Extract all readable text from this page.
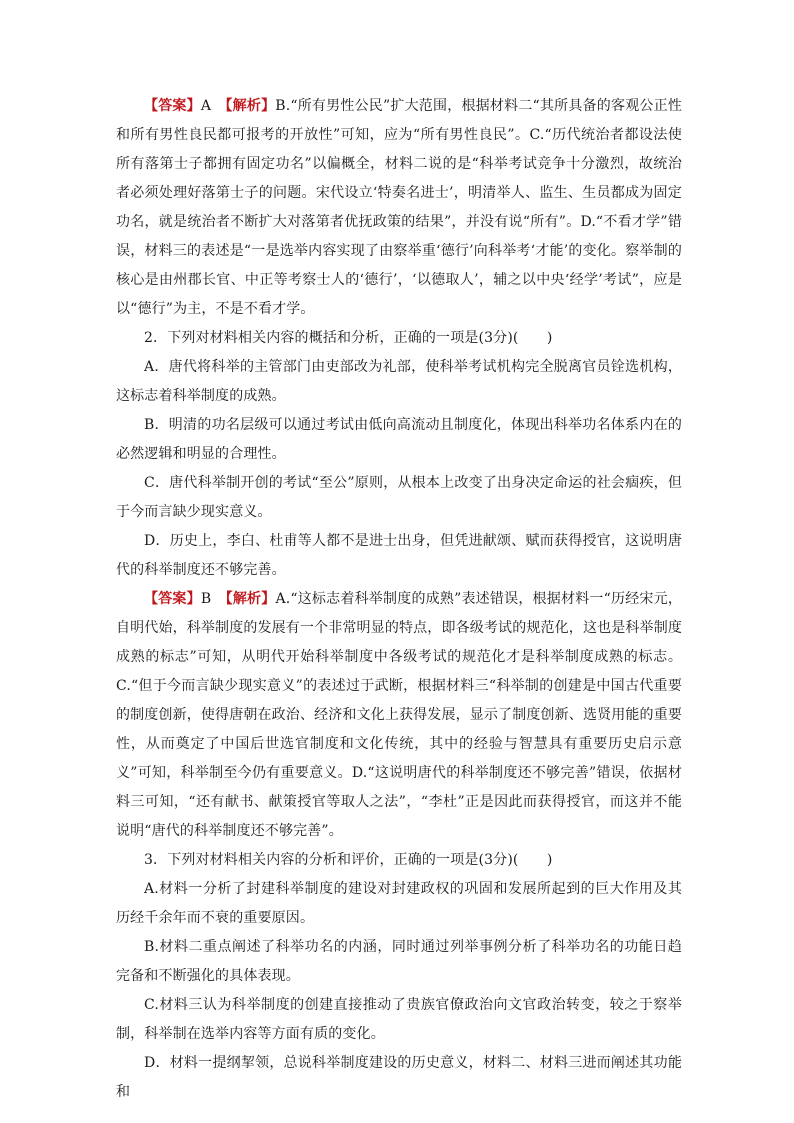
【答案】A　【解析】B.“所有男性公民”扩大范围，根据材料二“其所具备的客观公正性和所有男性良民都可报考的开放性”可知，应为“所有男性良民”。C.“历代统治者都设法使所有落第士子都拥有固定功名”以偏概全，材料二说的是“科举考试竞争十分激烈，故统治者必须处理好落第士子的问题。宋代设立‘特奏名进士’，明清举人、监生、生员都成为固定功名，就是统治者不断扩大对落第者优抚政策的结果”，并没有说“所有”。D.“不看才学”错误，材料三的表述是“一是选举内容实现了由察举重‘德行’向科举考‘才能’的变化。察举制的核心是由州郡长官、中正等考察士人的‘德行’，‘以德取人’，辅之以中央‘经学’考试”，应是以“德行”为主，不是不看才学。

2．下列对材料相关内容的概括和分析，正确的一项是(3分)(　　)

A．唐代将科举的主管部门由吏部改为礼部，使科举考试机构完全脱离官员铨选机构，这标志着科举制度的成熟。

B．明清的功名层级可以通过考试由低向高流动且制度化，体现出科举功名体系内在的必然逻辑和明显的合理性。

C．唐代科举制开创的考试“至公”原则，从根本上改变了出身决定命运的社会痼疾，但于今而言缺少现实意义。

D．历史上，李白、杜甫等人都不是进士出身，但凭进献颂、赋而获得授官，这说明唐代的科举制度还不够完善。

【答案】B　【解析】A.“这标志着科举制度的成熟”表述错误，根据材料一“历经宋元，自明代始，科举制度的发展有一个非常明显的特点，即各级考试的规范化，这也是科举制度成熟的标志”可知，从明代开始科举制度中各级考试的规范化才是科举制度成熟的标志。C.“但于今而言缺少现实意义”的表述过于武断，根据材料三“科举制的创建是中国古代重要的制度创新，使得唐朝在政治、经济和文化上获得发展，显示了制度创新、选贤用能的重要性，从而奠定了中国后世选官制度和文化传统，其中的经验与智慧具有重要历史启示意义”可知，科举制至今仍有重要意义。D.“这说明唐代的科举制度还不够完善”错误，依据材料三可知，“还有献书、献策授官等取人之法”，“李杜”正是因此而获得授官，而这并不能说明“唐代的科举制度还不够完善”。

3．下列对材料相关内容的分析和评价，正确的一项是(3分)(　　)

A.材料一分析了封建科举制度的建设对封建政权的巩固和发展所起到的巨大作用及其历经千余年而不衰的重要原因。

B.材料二重点阐述了科举功名的内涵，同时通过列举事例分析了科举功名的功能日趋完备和不断强化的具体表现。

C.材料三认为科举制度的创建直接推动了贵族官僚政治向文官政治转变，较之于察举制，科举制在选举内容等方面有质的变化。

D．材料一提纲挈领，总说科举制度建设的历史意义，材料二、材料三进而阐述其功能和
